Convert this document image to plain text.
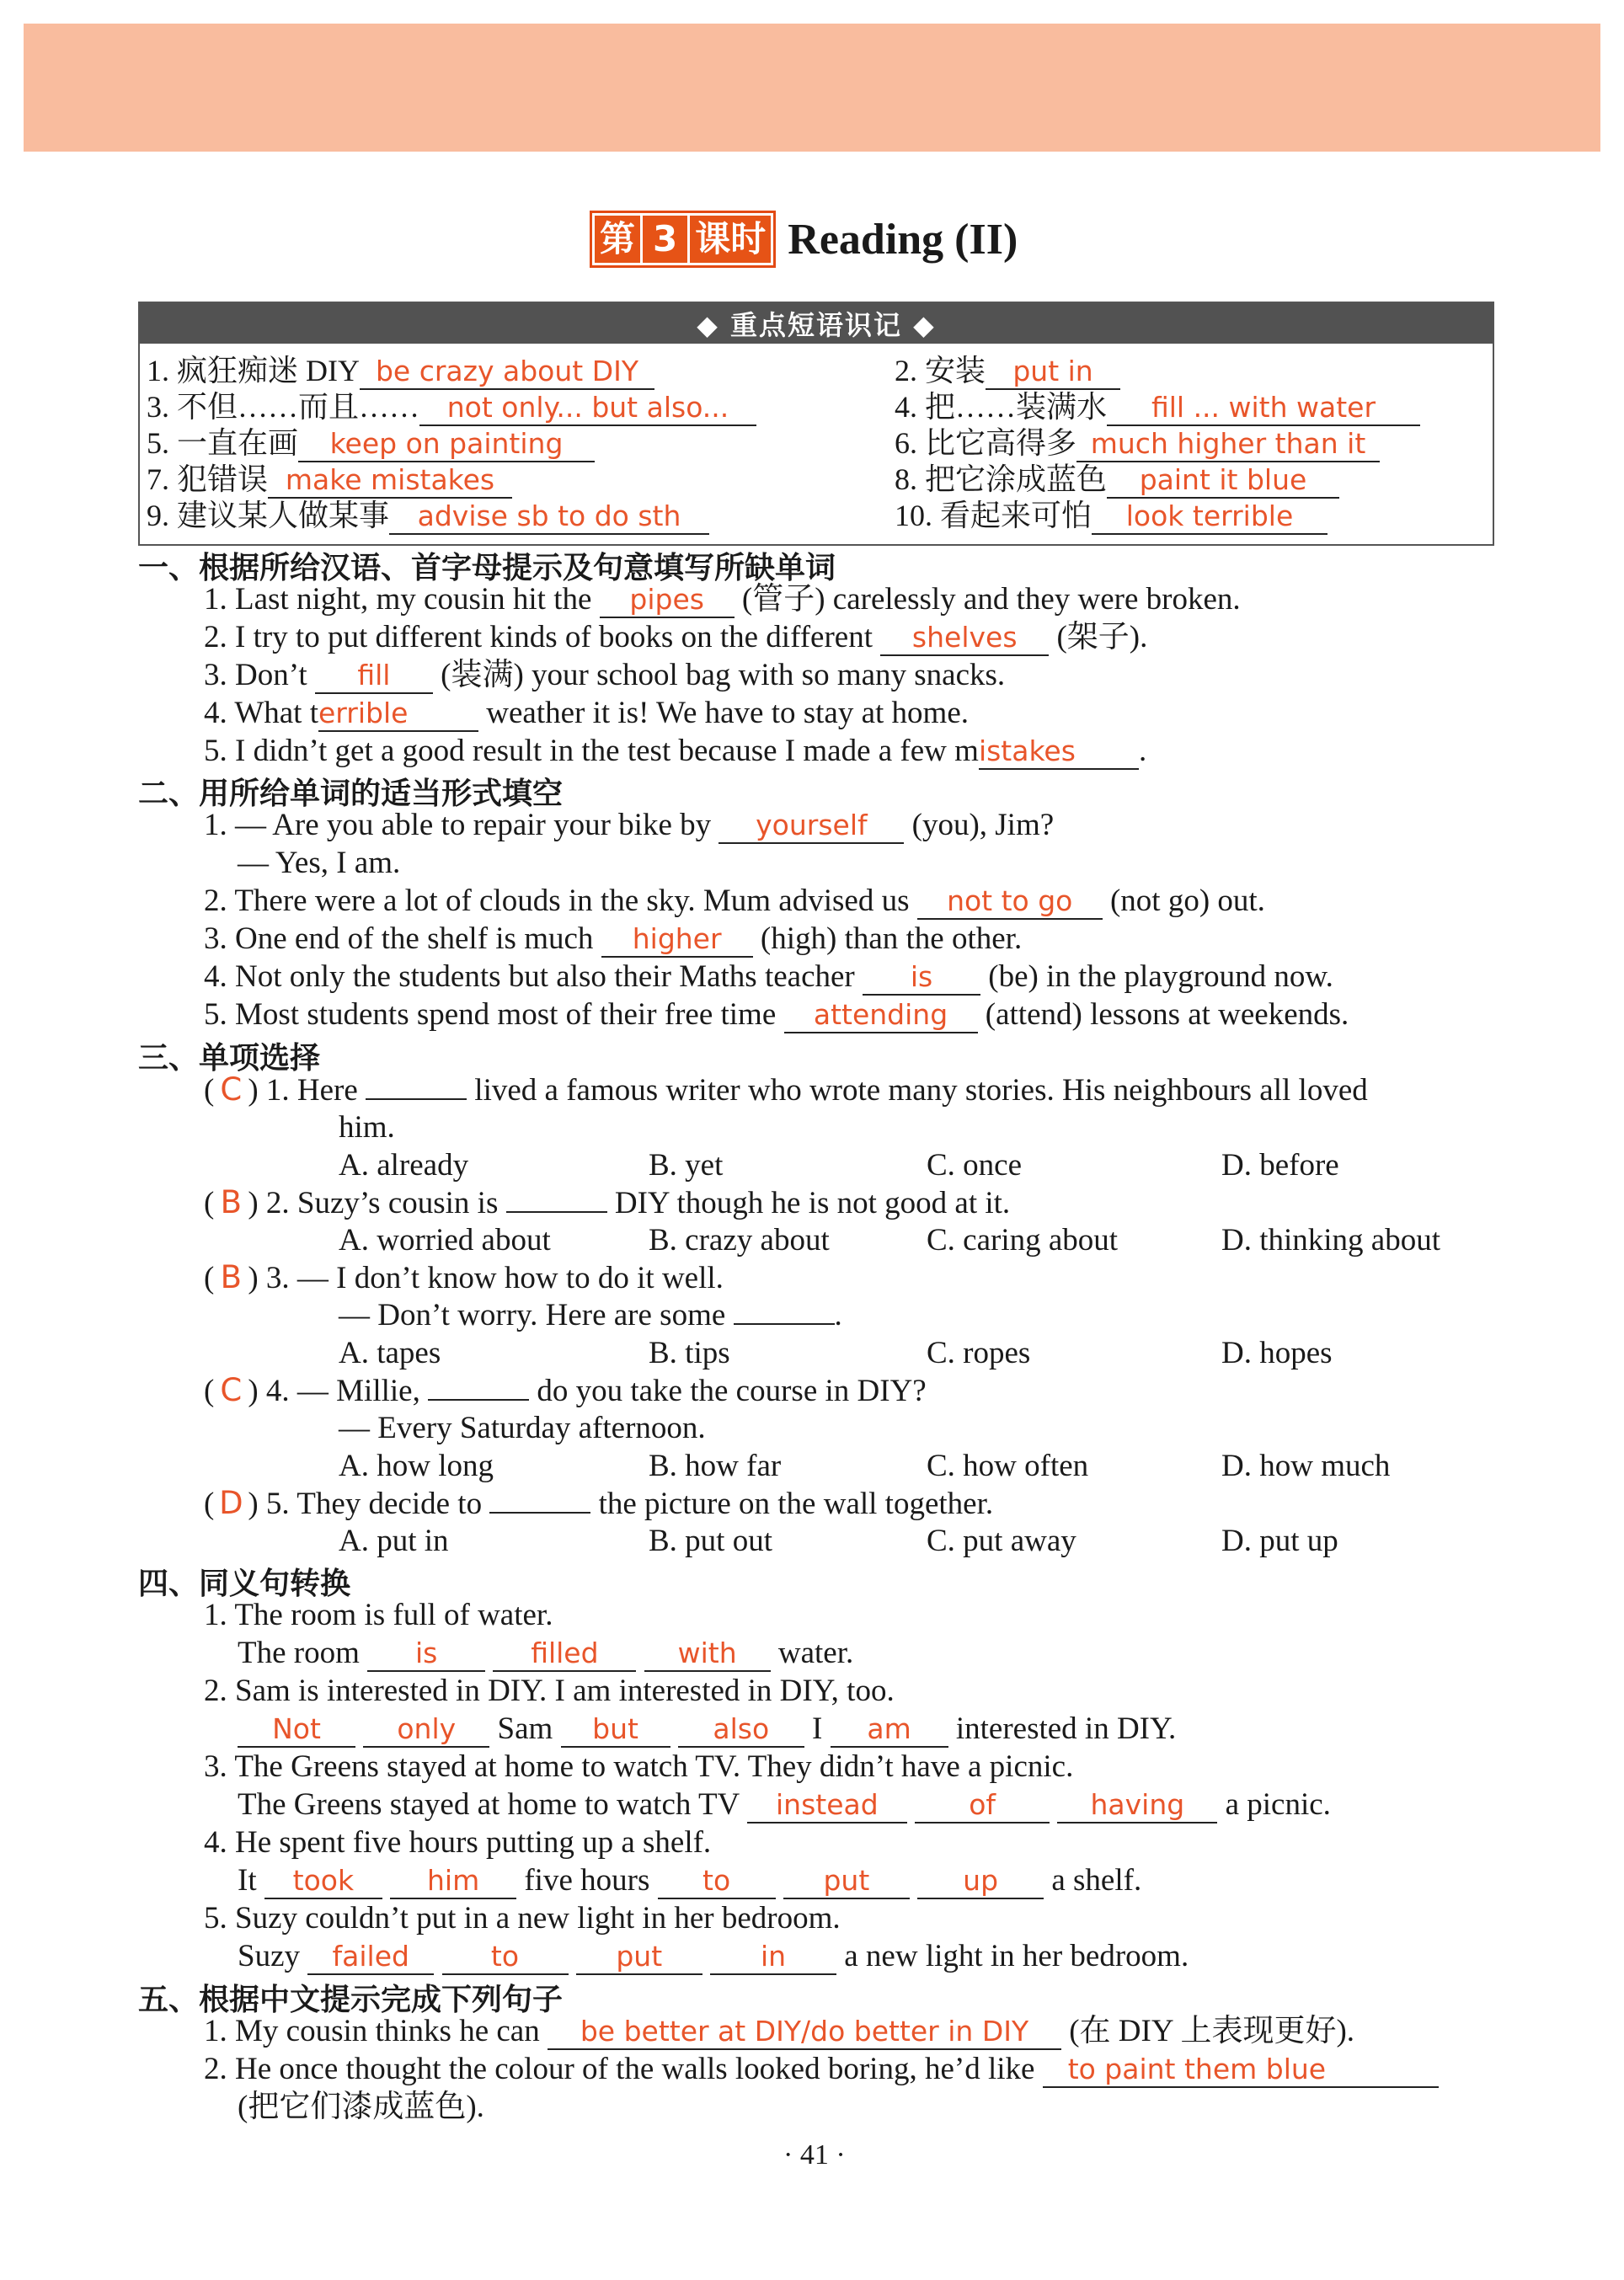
第 3 课时 Reading (II)
◆ 重点短语识记 ◆
1. 疯狂痴迷 DIY be crazy about DIY	2. 安装 put in
3. 不但……而且…… not only... but also...	4. 把……装满水 fill ... with water
5. 一直在画 keep on painting	6. 比它高得多 much higher than it
7. 犯错误 make mistakes	8. 把它涂成蓝色 paint it blue
9. 建议某人做某事 advise sb to do sth	10. 看起来可怕 look terrible
一、根据所给汉语、首字母提示及句意填写所缺单词
1. Last night, my cousin hit the pipes (管子) carelessly and they were broken.
2. I try to put different kinds of books on the different shelves (架子).
3. Don’t fill (装满) your school bag with so many snacks.
4. What terrible weather it is! We have to stay at home.
5. I didn’t get a good result in the test because I made a few mistakes .
二、用所给单词的适当形式填空
1. — Are you able to repair your bike by yourself (you), Jim?
— Yes, I am.
2. There were a lot of clouds in the sky. Mum advised us not to go (not go) out.
3. One end of the shelf is much higher (high) than the other.
4. Not only the students but also their Maths teacher is (be) in the playground now.
5. Most students spend most of their free time attending (attend) lessons at weekends.
三、单项选择
( C ) 1. Here	lived a famous writer who wrote many stories. His neighbours all loved
him.
A. already	B. yet	C. once	D. before
( B ) 2. Suzy’s cousin is	DIY though he is not good at it.
A. worried about	B. crazy about	C. caring about	D. thinking about
( B ) 3. — I don’t know how to do it well.
— Don’t worry. Here are some	.
A. tapes	B. tips	C. ropes	D. hopes
( C ) 4. — Millie,	do you take the course in DIY?
— Every Saturday afternoon.
A. how long	B. how far	C. how often	D. how much
( D ) 5. They decide to	the picture on the wall together.
A. put in	B. put out	C. put away	D. put up
四、同义句转换
1. The room is full of water.
The room is	filled	with water.
2. Sam is interested in DIY. I am interested in DIY, too.
Not	only Sam but	also I am interested in DIY.
3. The Greens stayed at home to watch TV. They didn’t have a picnic.
The Greens stayed at home to watch TV instead	of	having a picnic.
4. He spent five hours putting up a shelf.
It took	him five hours to	put	up a shelf.
5. Suzy couldn’t put in a new light in her bedroom.
Suzy failed	to	put	in a new light in her bedroom.
五、根据中文提示完成下列句子
1. My cousin thinks he can be better at DIY/do better in DIY (在 DIY 上表现更好).
2. He once thought the colour of the walls looked boring, he’d like to paint them blue
(把它们漆成蓝色).
· 41 ·
